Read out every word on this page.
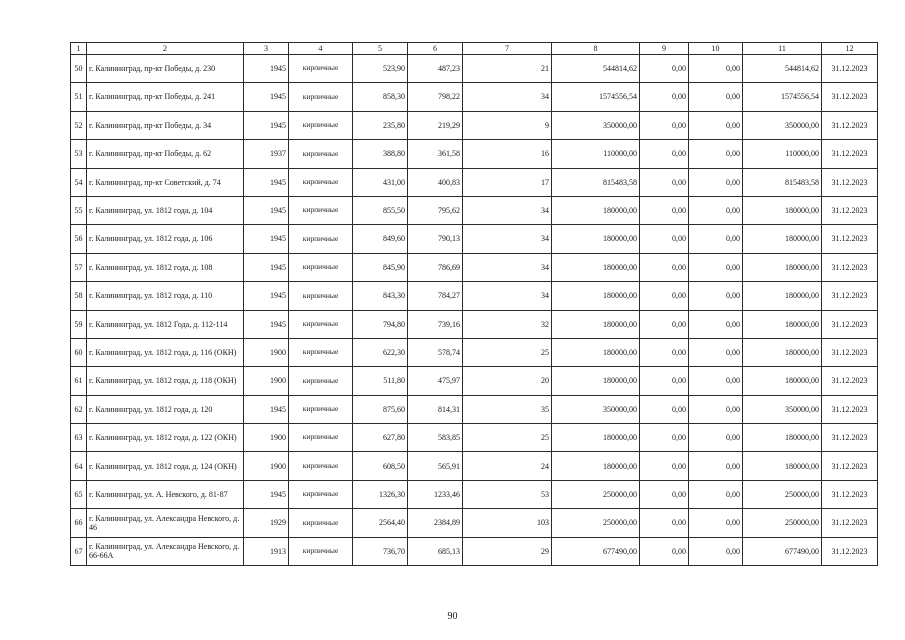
1	2	3	4	5	6	7	8	9	10	11	12
50	г. Калининград, пр-кт Победы, д. 230	1945	кирпичные	523,90	487,23	21	544814,62	0,00	0,00	544814,62	31.12.2023
51	г. Калининград, пр-кт Победы, д. 241	1945	кирпичные	858,30	798,22	34	1574556,54	0,00	0,00	1574556,54	31.12.2023
52	г. Калининград, пр-кт Победы, д. 34	1945	кирпичные	235,80	219,29	9	350000,00	0,00	0,00	350000,00	31.12.2023
53	г. Калининград, пр-кт Победы, д. 62	1937	кирпичные	388,80	361,58	16	110000,00	0,00	0,00	110000,00	31.12.2023
54	г. Калининград, пр-кт Советский, д. 74	1945	кирпичные	431,00	400,83	17	815483,58	0,00	0,00	815483,58	31.12.2023
55	г. Калининград, ул. 1812 года, д. 104	1945	кирпичные	855,50	795,62	34	180000,00	0,00	0,00	180000,00	31.12.2023
56	г. Калининград, ул. 1812 года, д. 106	1945	кирпичные	849,60	790,13	34	180000,00	0,00	0,00	180000,00	31.12.2023
57	г. Калининград, ул. 1812 года, д. 108	1945	кирпичные	845,90	786,69	34	180000,00	0,00	0,00	180000,00	31.12.2023
58	г. Калининград, ул. 1812 года, д. 110	1945	кирпичные	843,30	784,27	34	180000,00	0,00	0,00	180000,00	31.12.2023
59	г. Калининград, ул. 1812 Года, д. 112-114	1945	кирпичные	794,80	739,16	32	180000,00	0,00	0,00	180000,00	31.12.2023
60	г. Калининград, ул. 1812 года, д. 116 (ОКН)	1900	кирпичные	622,30	578,74	25	180000,00	0,00	0,00	180000,00	31.12.2023
61	г. Калининград, ул. 1812 года, д. 118 (ОКН)	1900	кирпичные	511,80	475,97	20	180000,00	0,00	0,00	180000,00	31.12.2023
62	г. Калининград, ул. 1812 года, д. 120	1945	кирпичные	875,60	814,31	35	350000,00	0,00	0,00	350000,00	31.12.2023
63	г. Калининград, ул. 1812 года, д. 122 (ОКН)	1900	кирпичные	627,80	583,85	25	180000,00	0,00	0,00	180000,00	31.12.2023
64	г. Калининград, ул. 1812 года, д. 124 (ОКН)	1900	кирпичные	608,50	565,91	24	180000,00	0,00	0,00	180000,00	31.12.2023
65	г. Калининград, ул. А. Невского, д. 81-87	1945	кирпичные	1326,30	1233,46	53	250000,00	0,00	0,00	250000,00	31.12.2023
66	г. Калининград, ул. Александра Невского, д. 46	1929	кирпичные	2564,40	2384,89	103	250000,00	0,00	0,00	250000,00	31.12.2023
67	г. Калининград, ул. Александра Невского, д. 66-66А	1913	кирпичные	736,70	685,13	29	677490,00	0,00	0,00	677490,00	31.12.2023
90
